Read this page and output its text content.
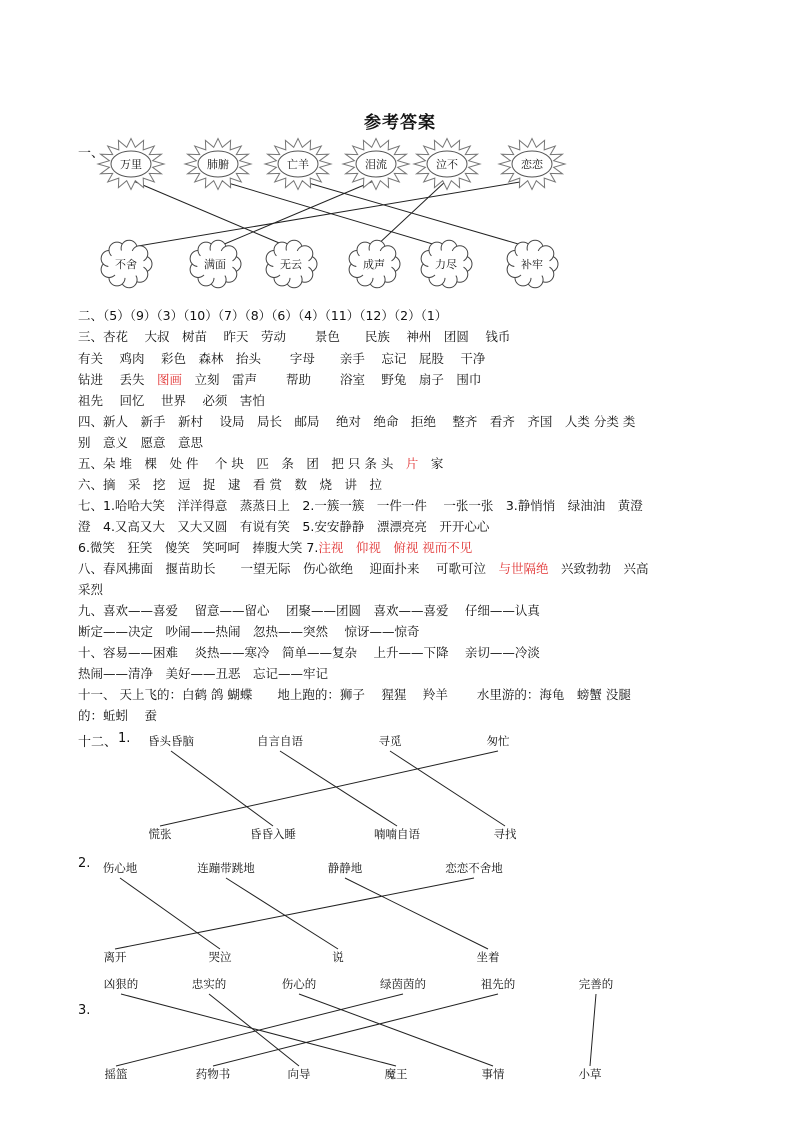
参考答案
一、
万里	肺腑	亡羊	泪流	泣不	恋恋
不舍	满面	无云	成声	力尽	补牢
二、（5）（9）（3）（10）（7）（8）（6）（4）（11）（12）（2）（1）
三、杏花　 大叔　树苗　 昨天　劳动　　 景色　　民族　 神州　团圆　 钱币
有关　 鸡肉　 彩色　森林　抬头　　 字母　　亲手　 忘记　屁股　 干净
钻进　 丢失　图画　立刻　雷声　　 帮助　　 浴室　 野兔　扇子　围巾
祖先　 回忆　 世界　 必须　害怕
四、新人　新手　新村　 设局　局长　邮局　 绝对　绝命　拒绝　 整齐　看齐　齐国　人类 分类 类
别　意义　愿意　意思
五、朵 堆　棵　处 件　 个 块　匹　条　团　把 只 条 头　片　家
六、摘　采　挖　逗　捉　逮　看 赏　数　烧　讲　拉
七、1.哈哈大笑　洋洋得意　蒸蒸日上　2.一簇一簇　一件一件　 一张一张　3.静悄悄　绿油油　黄澄
澄　4.又高又大　又大又圆　有说有笑　5.安安静静　漂漂亮亮　开开心心
6.微笑　狂笑　傻笑　笑呵呵　捧腹大笑 7.注视　仰视　俯视 视而不见
八、春风拂面　揠苗助长　　一望无际　伤心欲绝　 迎面扑来　 可歌可泣　与世隔绝　兴致勃勃　兴高
采烈
九、喜欢——喜爱　 留意——留心　 团聚——团圆　喜欢——喜爱　 仔细——认真
断定——决定　吵闹——热闹　忽热——突然　 惊讶——惊奇
十、容易——困难　 炎热——寒冷　简单——复杂　 上升——下降　 亲切——冷淡
热闹——清净　美好——丑恶　忘记——牢记
十一、 天上飞的：白鹤 鸽 蝴蝶　　地上跑的：狮子　 猩猩　 羚羊　　 水里游的：海龟　螃蟹 没腿
的：蚯蚓　 蚕
十二、 1.
2.
3.
昏头昏脑	自言自语	寻觅	匆忙
慌张	昏昏入睡	喃喃自语	寻找
伤心地	连蹦带跳地	静静地	恋恋不舍地
离开	哭泣	说	坐着
凶狠的	忠实的	伤心的	绿茵茵的	祖先的	完善的
摇篮	药物书	向导	魔王	事情	小草
